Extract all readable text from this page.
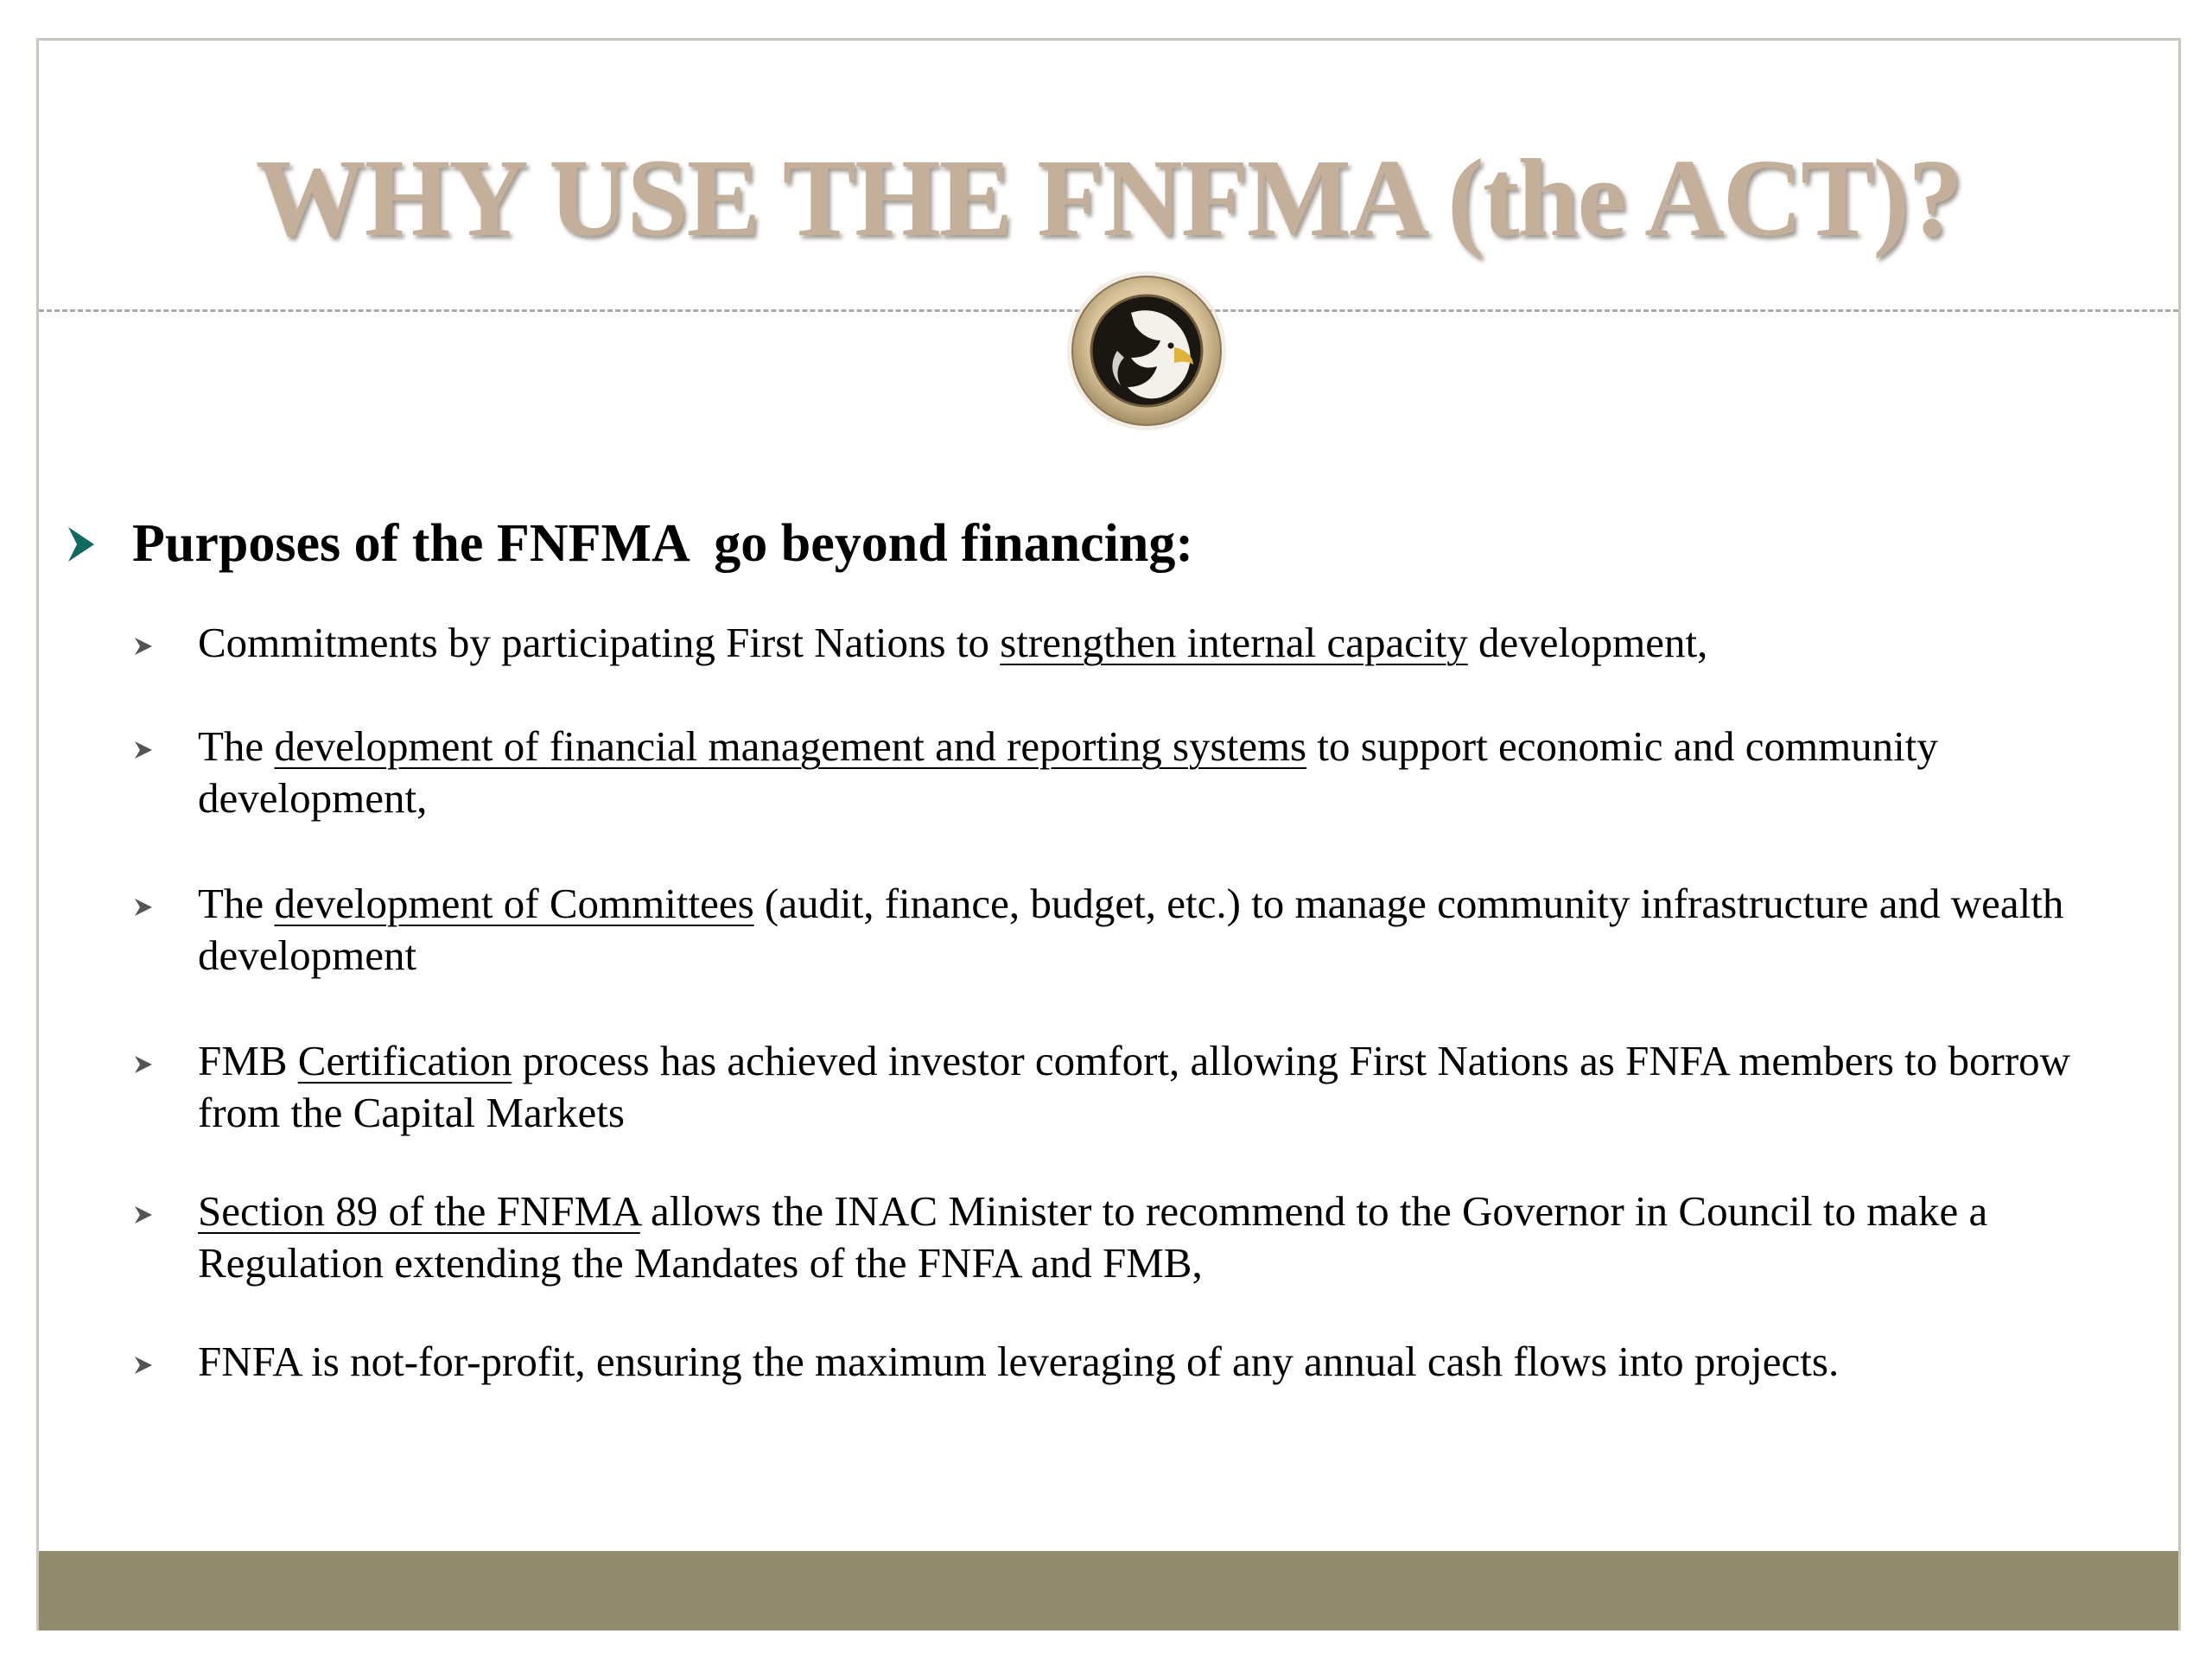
WHY USE THE FNFMA (the ACT)?
Purposes of the FNFMA  go beyond financing:
Commitments by participating First Nations to strengthen internal capacity development,
The development of financial management and reporting systems to support economic and community development,
The development of Committees (audit, finance, budget, etc.) to manage community infrastructure and wealth development
FMB Certification process has achieved investor comfort, allowing First Nations as FNFA members to borrow from the Capital Markets
Section 89 of the FNFMA allows the INAC Minister to recommend to the Governor in Council to make a Regulation extending the Mandates of the FNFA and FMB,
FNFA is not-for-profit, ensuring the maximum leveraging of any annual cash flows into projects.
